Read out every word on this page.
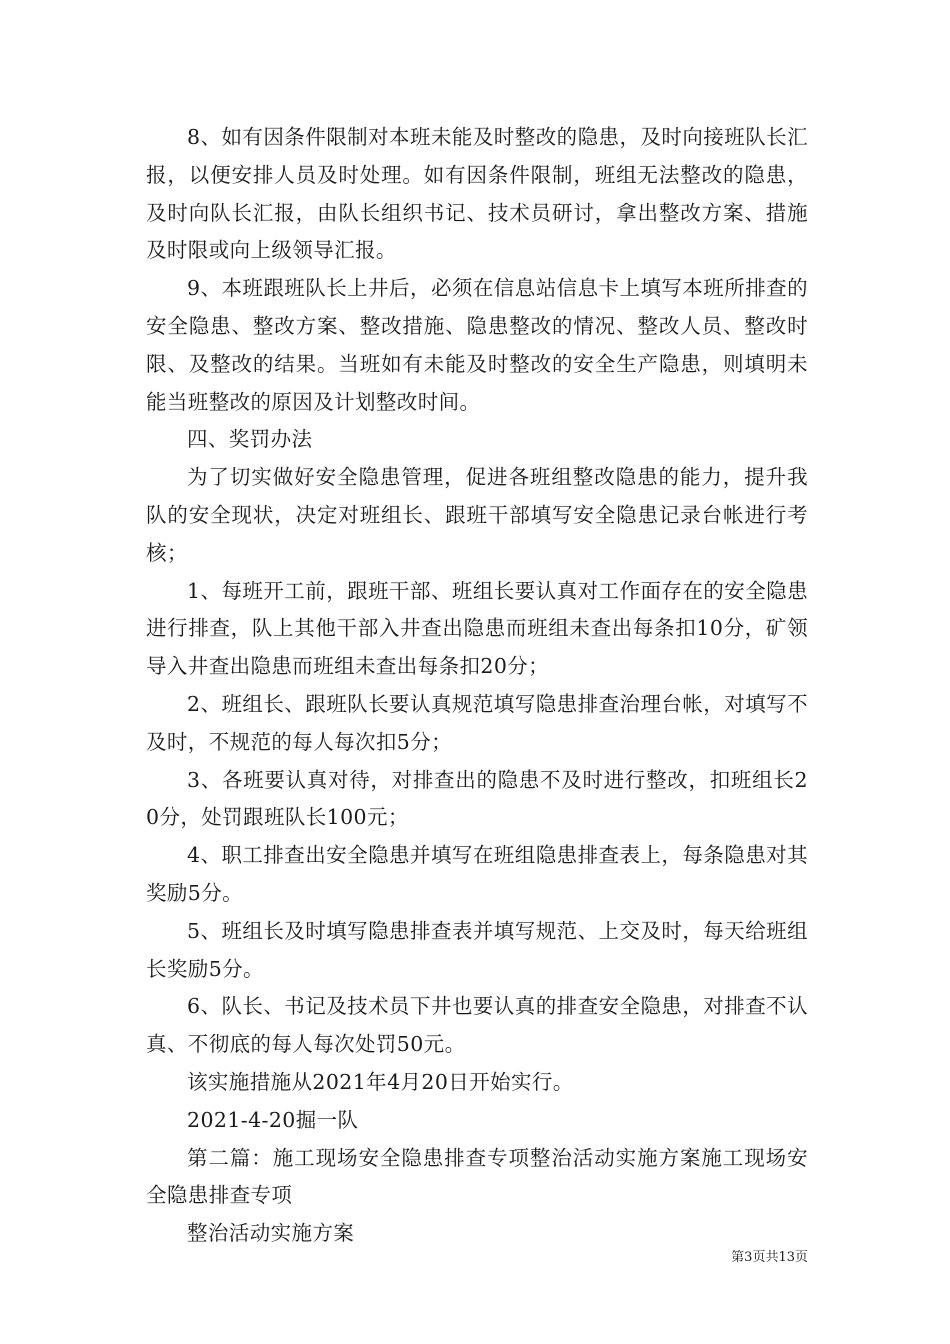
8、如有因条件限制对本班未能及时整改的隐患，及时向接班队长汇报，以便安排人员及时处理。如有因条件限制，班组无法整改的隐患，及时向队长汇报，由队长组织书记、技术员研讨，拿出整改方案、措施及时限或向上级领导汇报。

9、本班跟班队长上井后，必须在信息站信息卡上填写本班所排查的安全隐患、整改方案、整改措施、隐患整改的情况、整改人员、整改时限、及整改的结果。当班如有未能及时整改的安全生产隐患，则填明未能当班整改的原因及计划整改时间。

四、奖罚办法

为了切实做好安全隐患管理，促进各班组整改隐患的能力，提升我队的安全现状，决定对班组长、跟班干部填写安全隐患记录台帐进行考核；

1、每班开工前，跟班干部、班组长要认真对工作面存在的安全隐患进行排查，队上其他干部入井查出隐患而班组未查出每条扣10分，矿领导入井查出隐患而班组未查出每条扣20分；

2、班组长、跟班队长要认真规范填写隐患排查治理台帐，对填写不及时，不规范的每人每次扣5分；

3、各班要认真对待，对排查出的隐患不及时进行整改，扣班组长20分，处罚跟班队长100元；

4、职工排查出安全隐患并填写在班组隐患排查表上，每条隐患对其奖励5分。

5、班组长及时填写隐患排查表并填写规范、上交及时，每天给班组长奖励5分。

6、队长、书记及技术员下井也要认真的排查安全隐患，对排查不认真、不彻底的每人每次处罚50元。

该实施措施从2021年4月20日开始实行。

2021-4-20掘一队

第二篇：施工现场安全隐患排查专项整治活动实施方案施工现场安全隐患排查专项

整治活动实施方案

第3页共13页
